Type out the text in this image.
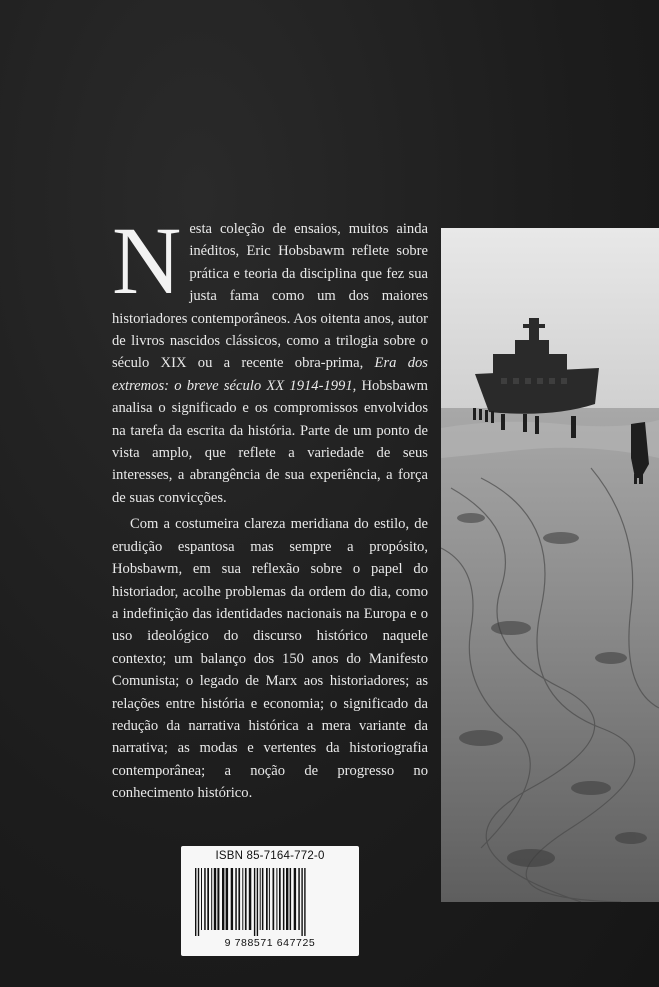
Nesta coleção de ensaios, muitos ainda inéditos, Eric Hobsbawm reflete sobre prática e teoria da disciplina que fez sua justa fama como um dos maiores historiadores contemporâneos. Aos oitenta anos, autor de livros nascidos clássicos, como a trilogia sobre o século XIX ou a recente obra-prima, Era dos extremos: o breve século XX 1914-1991, Hobsbawm analisa o significado e os compromissos envolvidos na tarefa da escrita da história. Parte de um ponto de vista amplo, que reflete a variedade de seus interesses, a abrangência de sua experiência, a força de suas convicções.

Com a costumeira clareza meridiana do estilo, de erudição espantosa mas sempre a propósito, Hobsbawm, em sua reflexão sobre o papel do historiador, acolhe problemas da ordem do dia, como a indefinição das identidades nacionais na Europa e o uso ideológico do discurso histórico naquele contexto; um balanço dos 150 anos do Manifesto Comunista; o legado de Marx aos historiadores; as relações entre história e economia; o significado da redução da narrativa histórica a mera variante da narrativa; as modas e vertentes da historiografia contemporânea; a noção de progresso no conhecimento histórico.

ISBN 85-7164-772-0
9 788571 647725
